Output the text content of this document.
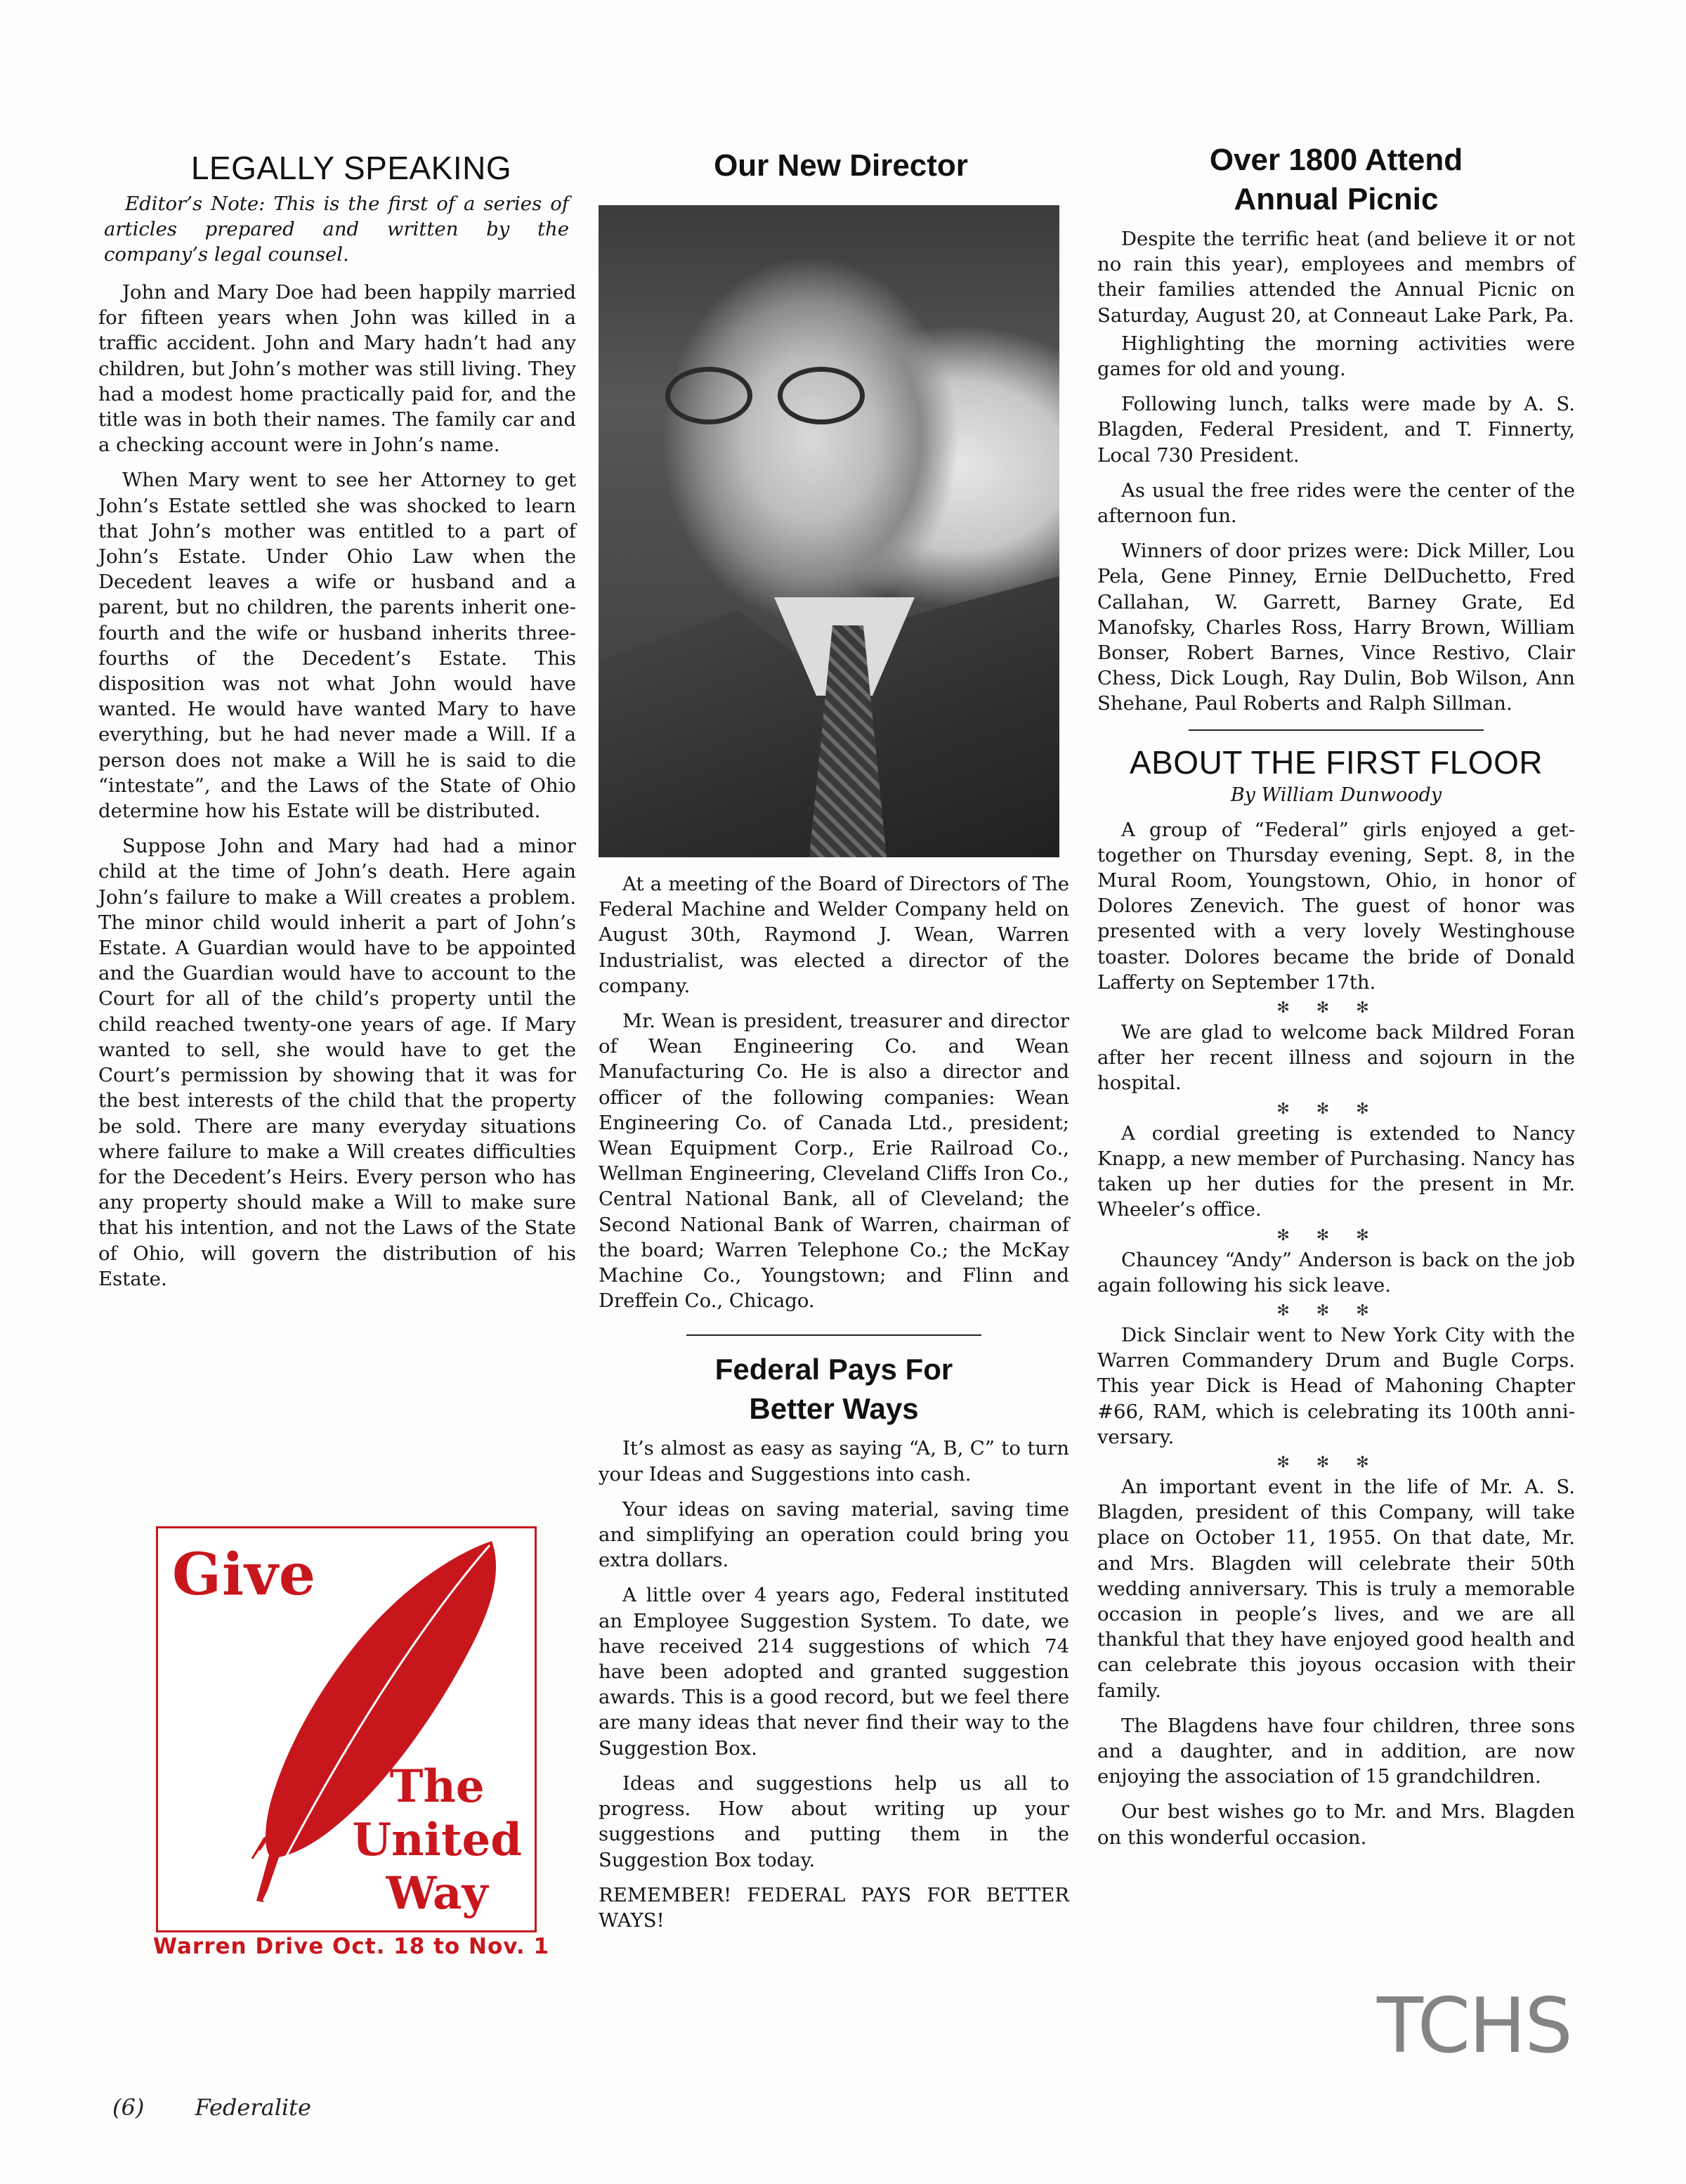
LEGALLY SPEAKING
Editor’s Note: This is the first of a series of articles prepared and written by the company’s legal counsel.

John and Mary Doe had been happily married for fifteen years when John was killed in a traffic accident. John and Mary hadn’t had any children, but John’s mother was still living. They had a modest home practically paid for, and the title was in both their names. The family car and a checking account were in John’s name.

When Mary went to see her Attorney to get John’s Estate settled she was shocked to learn that John’s mother was entitled to a part of John’s Estate. Under Ohio Law when the Decedent leaves a wife or husband and a parent, but no children, the parents inherit one-fourth and the wife or husband inherits three-fourths of the Decedent’s Estate. This disposition was not what John would have wanted. He would have wanted Mary to have everything, but he had never made a Will. If a person does not make a Will he is said to die “intestate”, and the Laws of the State of Ohio determine how his Estate will be distributed.

Suppose John and Mary had had a minor child at the time of John’s death. Here again John’s failure to make a Will creates a problem. The minor child would inherit a part of John’s Estate. A Guardian would have to be appointed and the Guardian would have to account to the Court for all of the child’s property until the child reached twenty-one years of age. If Mary wanted to sell, she would have to get the Court’s permission by showing that it was for the best interests of the child that the property be sold. There are many everyday situations where failure to make a Will creates difficulties for the Decedent’s Heirs. Every person who has any property should make a Will to make sure that his intention, and not the Laws of the State of Ohio, will govern the distribution of his Estate.

Give
The
United
Way
Warren Drive Oct. 18 to Nov. 1
Our New Director

At a meeting of the Board of Directors of The Federal Machine and Welder Company held on August 30th, Raymond J. Wean, Warren Industrialist, was elected a director of the company.

Mr. Wean is president, treasurer and director of Wean Engineering Co. and Wean Manufacturing Co. He is also a director and officer of the following companies: Wean Engineering Co. of Canada Ltd., president; Wean Equipment Corp., Erie Railroad Co., Wellman Engineering, Cleveland Cliffs Iron Co., Central National Bank, all of Cleveland; the Second National Bank of Warren, chairman of the board; Warren Telephone Co.; the McKay Machine Co., Youngstown; and Flinn and Dreffein Co., Chicago.

Federal Pays For
Better Ways

It’s almost as easy as saying “A, B, C” to turn your Ideas and Suggestions into cash.

Your ideas on saving material, saving time and simplifying an operation could bring you extra dollars.

A little over 4 years ago, Federal instituted an Employee Suggestion System. To date, we have received 214 suggestions of which 74 have been adopted and granted suggestion awards. This is a good record, but we feel there are many ideas that never find their way to the Suggestion Box.

Ideas and suggestions help us all to progress. How about writing up your suggestions and putting them in the Suggestion Box today.

REMEMBER! FEDERAL PAYS FOR BETTER WAYS!

Over 1800 Attend
Annual Picnic

Despite the terrific heat (and believe it or not no rain this year), employees and membrs of their families attended the Annual Picnic on Saturday, August 20, at Conneaut Lake Park, Pa.

Highlighting the morning activities were games for old and young.

Following lunch, talks were made by A. S. Blagden, Federal President, and T. Finnerty, Local 730 President.

As usual the free rides were the center of the afternoon fun.

Winners of door prizes were: Dick Miller, Lou Pela, Gene Pinney, Ernie DelDuchetto, Fred Callahan, W. Garrett, Barney Grate, Ed Manofsky, Charles Ross, Harry Brown, William Bonser, Robert Barnes, Vince Restivo, Clair Chess, Dick Lough, Ray Dulin, Bob Wilson, Ann Shehane, Paul Roberts and Ralph Sillman.

ABOUT THE FIRST FLOOR
By William Dunwoody

A group of “Federal” girls enjoyed a get-together on Thursday evening, Sept. 8, in the Mural Room, Youngstown, Ohio, in honor of Dolores Zenevich. The guest of honor was presented with a very lovely Westinghouse toaster. Dolores became the bride of Donald Lafferty on September 17th.

✻✻✻

We are glad to welcome back Mildred Foran after her recent illness and sojourn in the hospital.

✻✻✻

A cordial greeting is extended to Nancy Knapp, a new member of Purchasing. Nancy has taken up her duties for the present in Mr. Wheeler’s office.

✻✻✻

Chauncey “Andy” Anderson is back on the job again following his sick leave.

✻✻✻

Dick Sinclair went to New York City with the Warren Commandery Drum and Bugle Corps. This year Dick is Head of Mahoning Chapter #66, RAM, which is celebrating its 100th anniversary.

✻✻✻

An important event in the life of Mr. A. S. Blagden, president of this Company, will take place on October 11, 1955. On that date, Mr. and Mrs. Blagden will celebrate their 50th wedding anniversary. This is truly a memorable occasion in people’s lives, and we are all thankful that they have enjoyed good health and can celebrate this joyous occasion with their family.

The Blagdens have four children, three sons and a daughter, and in addition, are now enjoying the association of 15 grandchildren.

Our best wishes go to Mr. and Mrs. Blagden on this wonderful occasion.

(6) Federalite
TCHS
